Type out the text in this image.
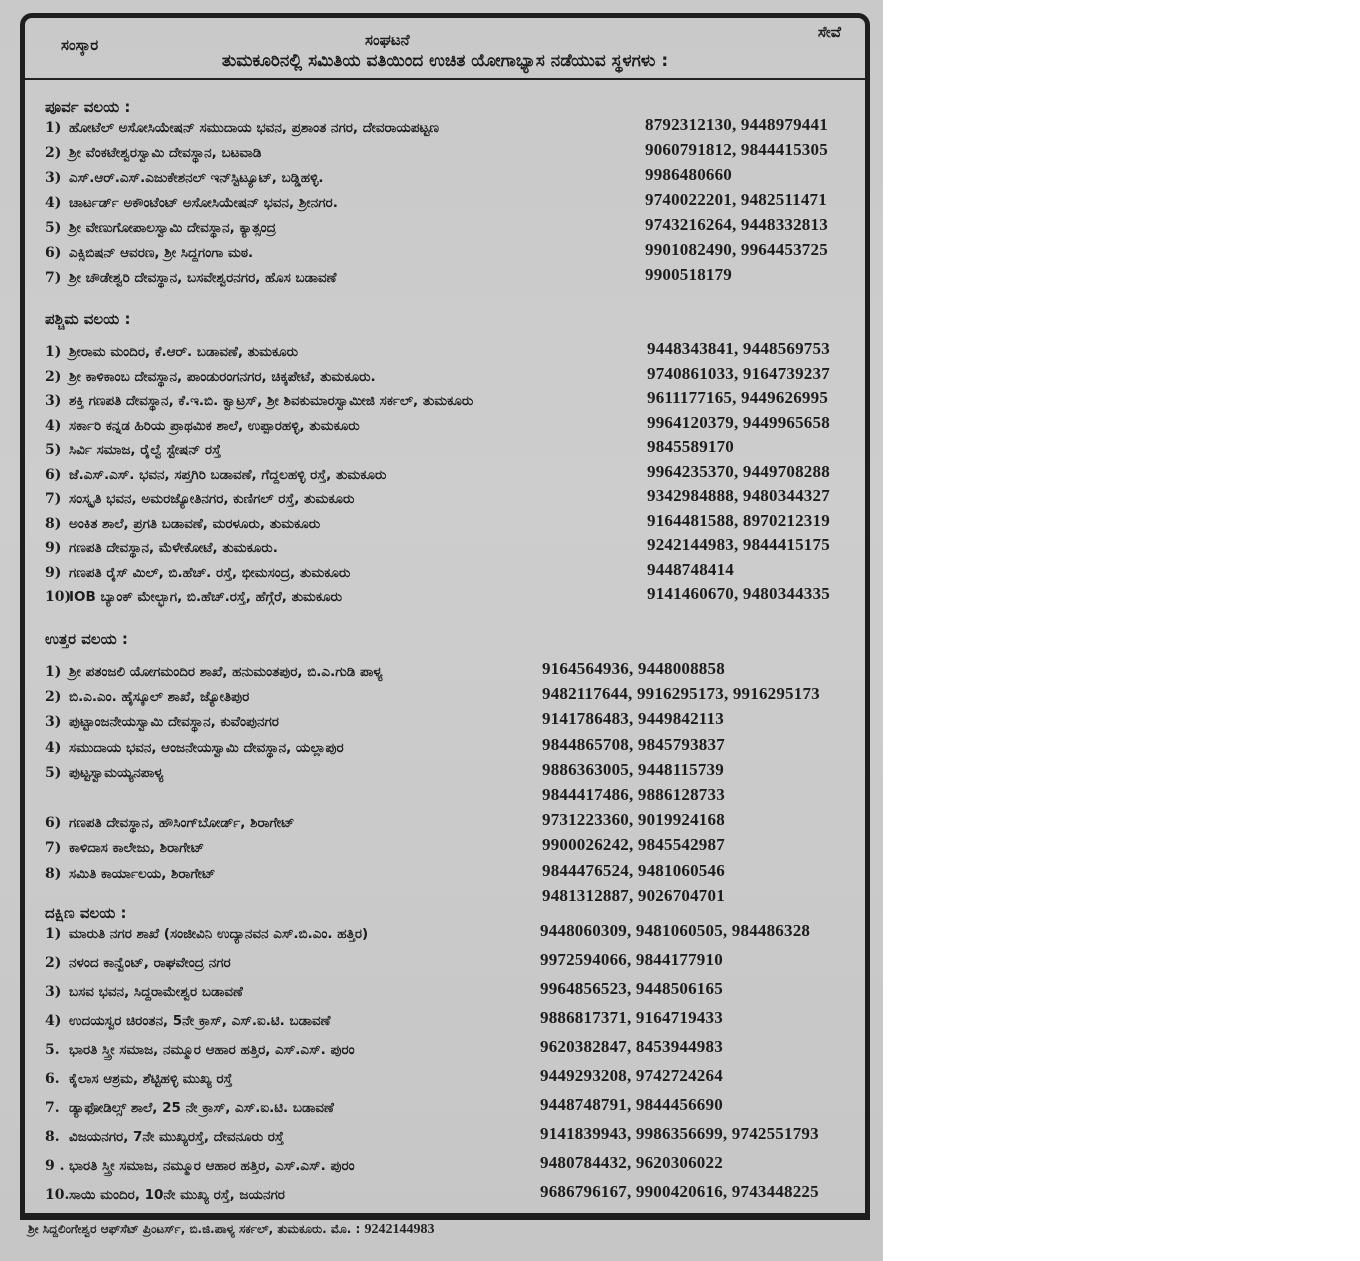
ಸಂಸ್ಕಾರ	ಸಂಘಟನೆ	ಸೇವೆ
ತುಮಕೂರಿನಲ್ಲಿ ಸಮಿತಿಯ ವತಿಯಿಂದ ಉಚಿತ ಯೋಗಾಭ್ಯಾಸ ನಡೆಯುವ ಸ್ಥಳಗಳು :
ಪೂರ್ವ ವಲಯ :
1) ಹೋಟೆಲ್ ಅಸೋಸಿಯೇಷನ್ ಸಮುದಾಯ ಭವನ, ಪ್ರಶಾಂತ ನಗರ, ದೇವರಾಯಪಟ್ಟಣ	8792312130, 9448979441
2) ಶ್ರೀ ವೆಂಕಟೇಶ್ವರಸ್ವಾಮಿ ದೇವಸ್ಥಾನ, ಬಟವಾಡಿ	9060791812, 9844415305
3) ಎಸ್.ಆರ್.ಎಸ್.ಎಜುಕೇಶನಲ್ ಇನ್‌ಸ್ಟಿಟ್ಯೂಟ್, ಬಡ್ಡಿಹಳ್ಳಿ.	9986480660
4) ಚಾರ್ಟರ್ಡ್ ಅಕೌಂಟೆಂಟ್ ಅಸೋಸಿಯೇಷನ್ ಭವನ, ಶ್ರೀನಗರ.	9740022201, 9482511471
5) ಶ್ರೀ ವೇಣುಗೋಪಾಲಸ್ವಾಮಿ ದೇವಸ್ಥಾನ, ಕ್ಯಾತ್ಸಂದ್ರ	9743216264, 9448332813
6) ಎಕ್ಸಿಬಿಷನ್ ಆವರಣ, ಶ್ರೀ ಸಿದ್ದಗಂಗಾ ಮಠ.	9901082490, 9964453725
7) ಶ್ರೀ ಚೌಡೇಶ್ವರಿ ದೇವಸ್ಥಾನ, ಬಸವೇಶ್ವರನಗರ, ಹೊಸ ಬಡಾವಣೆ	9900518179
ಪಶ್ಚಿಮ ವಲಯ :
1) ಶ್ರೀರಾಮ ಮಂದಿರ, ಕೆ.ಆರ್. ಬಡಾವಣೆ, ತುಮಕೂರು	9448343841, 9448569753
2) ಶ್ರೀ ಕಾಳಿಕಾಂಬ ದೇವಸ್ಥಾನ, ಪಾಂಡುರಂಗನಗರ, ಚಿಕ್ಕಪೇಟೆ, ತುಮಕೂರು.	9740861033, 9164739237
3) ಶಕ್ತಿ ಗಣಪತಿ ದೇವಸ್ಥಾನ, ಕೆ.ಇ.ಬಿ. ಕ್ವಾಟ್ರಸ್, ಶ್ರೀ ಶಿವಕುಮಾರಸ್ವಾಮೀಜಿ ಸರ್ಕಲ್, ತುಮಕೂರು	9611177165, 9449626995
4) ಸರ್ಕಾರಿ ಕನ್ನಡ ಹಿರಿಯ ಪ್ರಾಥಮಿಕ ಶಾಲೆ, ಉಪ್ಪಾರಹಳ್ಳಿ, ತುಮಕೂರು	9964120379, 9449965658
5) ಸಿರ್ವಿ ಸಮಾಜ, ರೈಲ್ವೆ ಸ್ಟೇಷನ್ ರಸ್ತೆ	9845589170
6) ಜೆ.ಎಸ್.ಎಸ್. ಭವನ, ಸಪ್ತಗಿರಿ ಬಡಾವಣೆ, ಗೆದ್ದಲಹಳ್ಳಿ ರಸ್ತೆ, ತುಮಕೂರು	9964235370, 9449708288
7) ಸಂಸ್ಕೃತಿ ಭವನ, ಅಮರಜ್ಯೋತಿನಗರ, ಕುಣಿಗಲ್ ರಸ್ತೆ, ತುಮಕೂರು	9342984888, 9480344327
8) ಅಂಕಿತ ಶಾಲೆ, ಪ್ರಗತಿ ಬಡಾವಣೆ, ಮರಳೂರು, ತುಮಕೂರು	9164481588, 8970212319
9) ಗಣಪತಿ ದೇವಸ್ಥಾನ, ಮೆಳೇಕೋಟೆ, ತುಮಕೂರು.	9242144983, 9844415175
9) ಗಣಪತಿ ರೈಸ್ ಮಿಲ್, ಬಿ.ಹೆಚ್. ರಸ್ತೆ, ಭೀಮಸಂದ್ರ, ತುಮಕೂರು	9448748414
10)IOB ಬ್ಯಾಂಕ್ ಮೇಲ್ಭಾಗ, ಬಿ.ಹೆಚ್.ರಸ್ತೆ, ಹೆಗ್ಗೆರೆ, ತುಮಕೂರು	9141460670, 9480344335
ಉತ್ತರ ವಲಯ :
1) ಶ್ರೀ ಪತಂಜಲಿ ಯೋಗಮಂದಿರ ಶಾಖೆ, ಹನುಮಂತಪುರ, ಬಿ.ಎ.ಗುಡಿ ಪಾಳ್ಯ	9164564936, 9448008858
2) ಬಿ.ಎ.ಎಂ. ಹೈಸ್ಕೂಲ್ ಶಾಖೆ, ಜ್ಯೋತಿಪುರ	9482117644, 9916295173, 9916295173
3) ಪುಟ್ಟಾಂಜನೇಯಸ್ವಾಮಿ ದೇವಸ್ಥಾನ, ಕುವೆಂಪುನಗರ	9141786483, 9449842113
4) ಸಮುದಾಯ ಭವನ, ಆಂಜನೇಯಸ್ವಾಮಿ ದೇವಸ್ಥಾನ, ಯಲ್ಲಾಪುರ	9844865708, 9845793837
5) ಪುಟ್ಟಸ್ವಾಮಯ್ಯನಪಾಳ್ಯ	9886363005, 9448115739
9844417486, 9886128733
6) ಗಣಪತಿ ದೇವಸ್ಥಾನ, ಹೌಸಿಂಗ್‌ಬೋರ್ಡ್, ಶಿರಾಗೇಟ್	9731223360, 9019924168
7) ಕಾಳಿದಾಸ ಕಾಲೇಜು, ಶಿರಾಗೇಟ್	9900026242, 9845542987
8) ಸಮಿತಿ ಕಾರ್ಯಾಲಯ, ಶಿರಾಗೇಟ್	9844476524, 9481060546
9481312887, 9026704701
ದಕ್ಷಿಣ ವಲಯ :
1) ಮಾರುತಿ ನಗರ ಶಾಖೆ (ಸಂಜೀವಿನಿ ಉದ್ಯಾನವನ ಎಸ್.ಬಿ.ಎಂ. ಹತ್ತಿರ)	9448060309, 9481060505, 984486328
2) ನಳಂದ ಕಾನ್ವೆಂಟ್, ರಾಘವೇಂದ್ರ ನಗರ	9972594066, 9844177910
3) ಬಸವ ಭವನ, ಸಿದ್ದರಾಮೇಶ್ವರ ಬಡಾವಣೆ	9964856523, 9448506165
4) ಉದಯಸ್ವರ ಚಿರಂತನ, 5ನೇ ಕ್ರಾಸ್, ಎಸ್.ಐ.ಟಿ. ಬಡಾವಣೆ	9886817371, 9164719433
5. ಭಾರತಿ ಸ್ತ್ರೀ ಸಮಾಜ, ನಮ್ಮೂರ ಆಹಾರ ಹತ್ತಿರ, ಎಸ್.ಎಸ್. ಪುರಂ	9620382847, 8453944983
6. ಕೈಲಾಸ ಆಶ್ರಮ, ಶೆಟ್ಟಿಹಳ್ಳಿ ಮುಖ್ಯ ರಸ್ತೆ	9449293208, 9742724264
7. ಡ್ಯಾಫೋಡಿಲ್ಸ್ ಶಾಲೆ, 25 ನೇ ಕ್ರಾಸ್, ಎಸ್.ಐ.ಟಿ. ಬಡಾವಣೆ	9448748791, 9844456690
8. ವಿಜಯನಗರ, 7ನೇ ಮುಖ್ಯರಸ್ತೆ, ದೇವನೂರು ರಸ್ತೆ	9141839943, 9986356699, 9742551793
9 . ಭಾರತಿ ಸ್ತ್ರೀ ಸಮಾಜ, ನಮ್ಮೂರ ಆಹಾರ ಹತ್ತಿರ, ಎಸ್.ಎಸ್. ಪುರಂ	9480784432, 9620306022
10.ಸಾಯಿ ಮಂದಿರ, 10ನೇ ಮುಖ್ಯ ರಸ್ತೆ, ಜಯನಗರ	9686796167, 9900420616, 9743448225
ಶ್ರೀ ಸಿದ್ದಲಿಂಗೇಶ್ವರ ಆಫ್‌ಸೆಟ್ ಪ್ರಿಂಟರ್ಸ್, ಬಿ.ಜಿ.ಪಾಳ್ಯ ಸರ್ಕಲ್, ತುಮಕೂರು. ಮೊ. : 9242144983
